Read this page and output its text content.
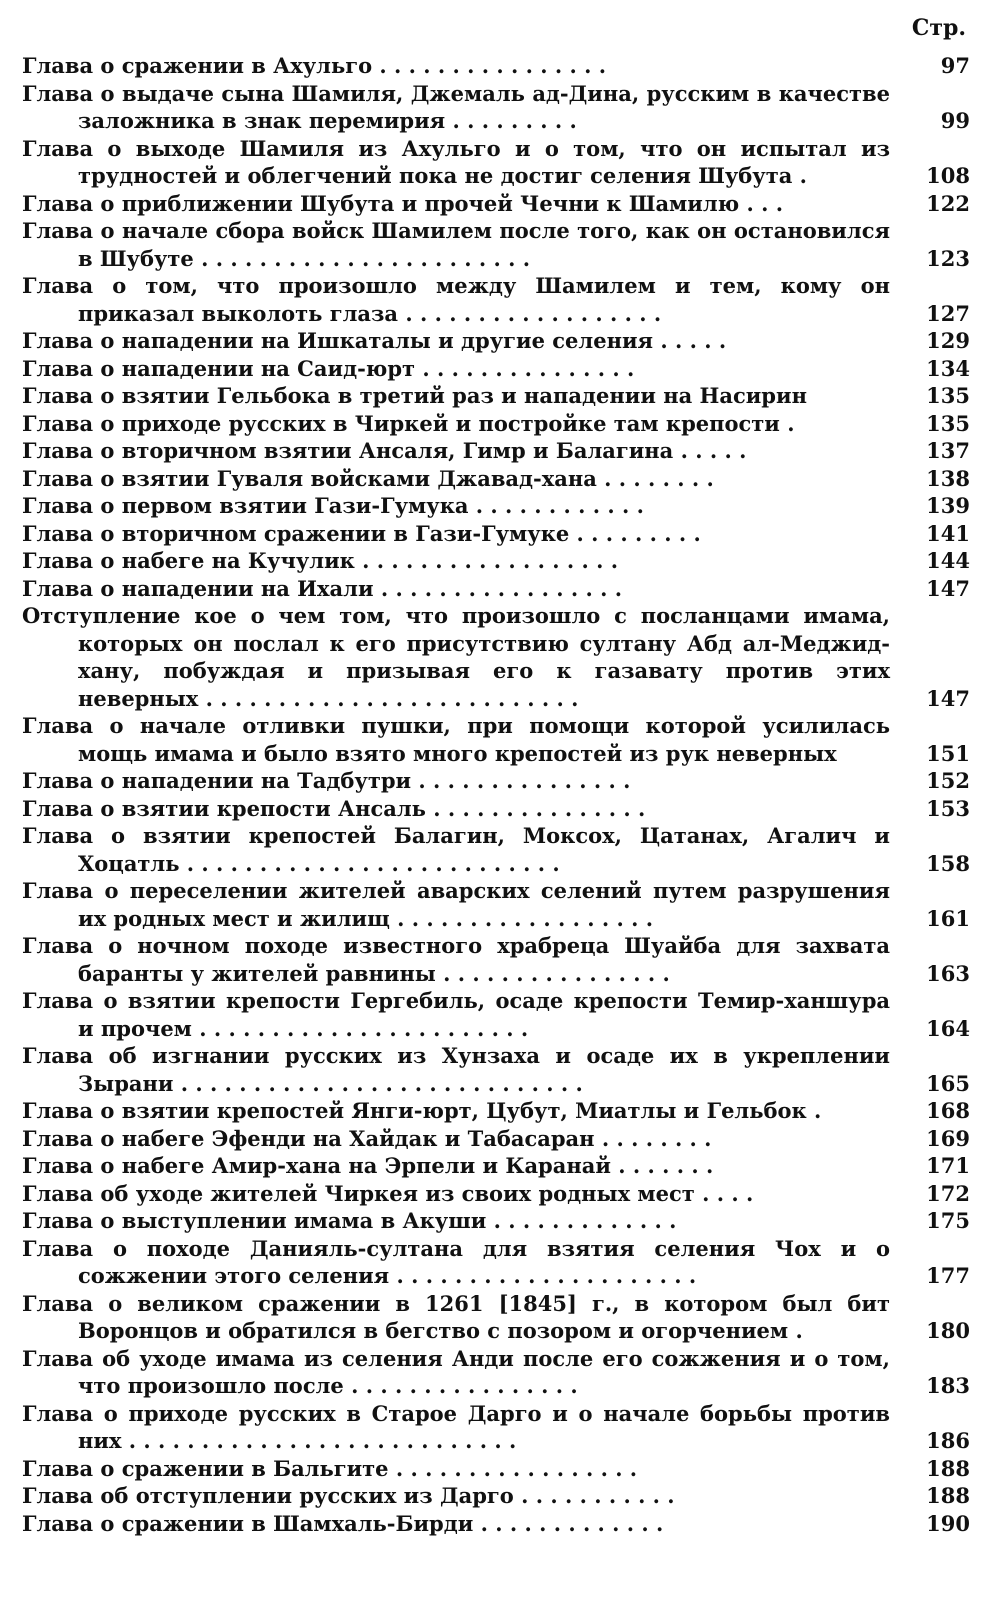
Стр.
Глава о сражении в Ахульго . . . . . . . . . . . . . . . .	97
Глава о выдаче сына Шамиля, Джемаль ад-Дина, русским в качестве заложника в знак перемирия . . . . . . . . .	99
Глава о выходе Шамиля из Ахульго и о том, что он испытал из трудностей и облегчений пока не достиг селения Шубута .	108
Глава о приближении Шубута и прочей Чечни к Шамилю . . .	122
Глава о начале сбора войск Шамилем после того, как он остановился в Шубуте . . . . . . . . . . . . . . . . . . . . . . .	123
Глава о том, что произошло между Шамилем и тем, кому он приказал выколоть глаза . . . . . . . . . . . . . . . . . .	127
Глава о нападении на Ишкаталы и другие селения . . . . .	129
Глава о нападении на Саид-юрт . . . . . . . . . . . . . . .	134
Глава о взятии Гельбока в третий раз и нападении на Насирин	135
Глава о приходе русских в Чиркей и постройке там крепости .	135
Глава о вторичном взятии Ансаля, Гимр и Балагина . . . . .	137
Глава о взятии Гуваля войсками Джавад-хана . . . . . . . .	138
Глава о первом взятии Гази-Гумука . . . . . . . . . . . .	139
Глава о вторичном сражении в Гази-Гумуке . . . . . . . . .	141
Глава о набеге на Кучулик . . . . . . . . . . . . . . . . . .	144
Глава о нападении на Ихали . . . . . . . . . . . . . . . . .	147
Отступление кое о чем том, что произошло с посланцами имама, которых он послал к его присутствию султану Абд ал-Меджид-хану, побуждая и призывая его к газавату против этих неверных . . . . . . . . . . . . . . . . . . . . . . . . . .	147
Глава о начале отливки пушки, при помощи которой усилилась мощь имама и было взято много крепостей из рук неверных	151
Глава о нападении на Тадбутри . . . . . . . . . . . . . . .	152
Глава о взятии крепости Ансаль . . . . . . . . . . . . . . .	153
Глава о взятии крепостей Балагин, Моксох, Цатанах, Агалич и Хоцатль . . . . . . . . . . . . . . . . . . . . . . . . . .	158
Глава о переселении жителей аварских селений путем разрушения их родных мест и жилищ . . . . . . . . . . . . . . . . . .	161
Глава о ночном походе известного храбреца Шуайба для захвата баранты у жителей равнины . . . . . . . . . . . . . . . .	163
Глава о взятии крепости Гергебиль, осаде крепости Темир-ханшура и прочем . . . . . . . . . . . . . . . . . . . . . . .	164
Глава об изгнании русских из Хунзаха и осаде их в укреплении Зырани . . . . . . . . . . . . . . . . . . . . . . . . . . . .	165
Глава о взятии крепостей Янги-юрт, Цубут, Миатлы и Гельбок .	168
Глава о набеге Эфенди на Хайдак и Табасаран . . . . . . . .	169
Глава о набеге Амир-хана на Эрпели и Каранай . . . . . . .	171
Глава об уходе жителей Чиркея из своих родных мест . . . .	172
Глава о выступлении имама в Акуши . . . . . . . . . . . . .	175
Глава о походе Данияль-султана для взятия селения Чох и о сожжении этого селения . . . . . . . . . . . . . . . . . . . . .	177
Глава о великом сражении в 1261 [1845] г., в котором был бит Воронцов и обратился в бегство с позором и огорчением .	180
Глава об уходе имама из селения Анди после его сожжения и о том, что произошло после . . . . . . . . . . . . . . . .	183
Глава о приходе русских в Старое Дарго и о начале борьбы против них . . . . . . . . . . . . . . . . . . . . . . . . . . .	186
Глава о сражении в Бальгите . . . . . . . . . . . . . . . . .	188
Глава об отступлении русских из Дарго . . . . . . . . . . .	188
Глава о сражении в Шамхаль-Бирди . . . . . . . . . . . . .	190
